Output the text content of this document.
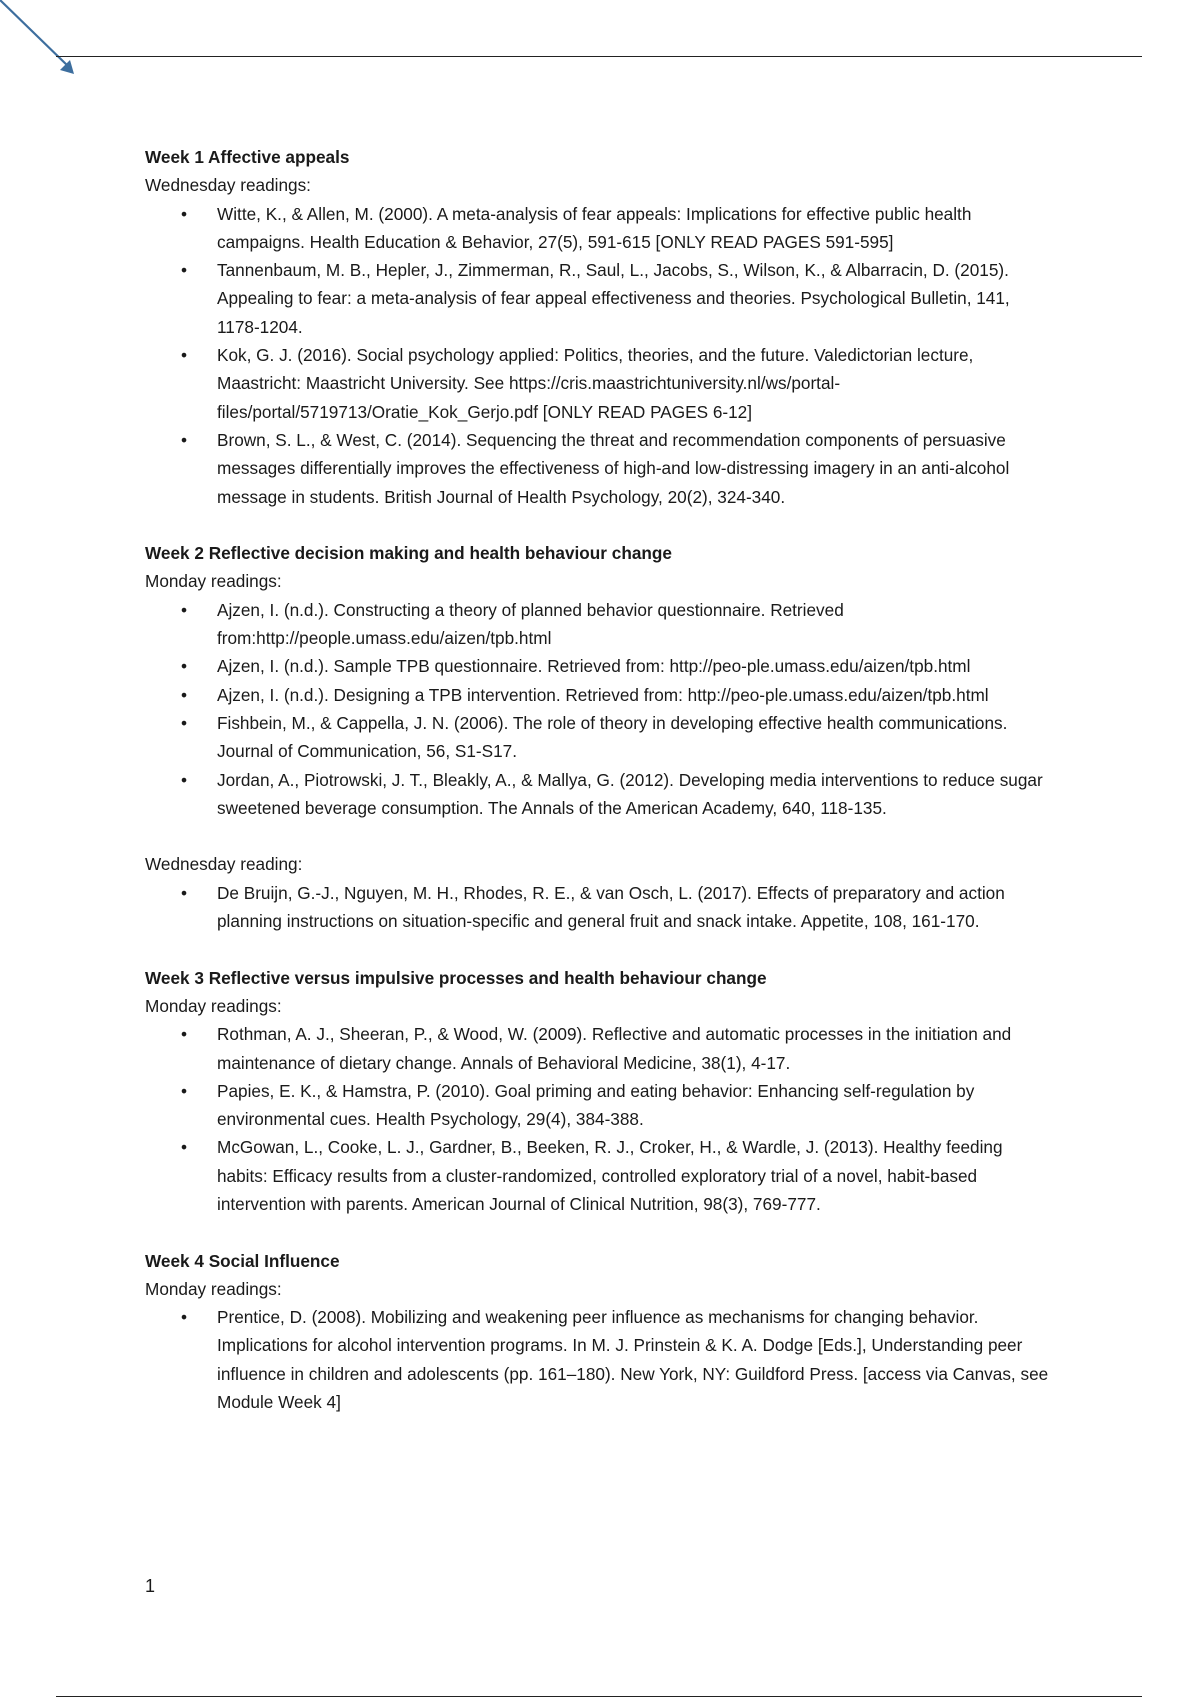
Week 1 Affective appeals

Wednesday readings:

• Witte, K., & Allen, M. (2000). A meta-analysis of fear appeals: Implications for effective public health campaigns. Health Education & Behavior, 27(5), 591-615 [ONLY READ PAGES 591-595]
• Tannenbaum, M. B., Hepler, J., Zimmerman, R., Saul, L., Jacobs, S., Wilson, K., & Albarracin, D. (2015). Appealing to fear: a meta-analysis of fear appeal effectiveness and theories. Psychological Bulletin, 141, 1178-1204.
• Kok, G. J. (2016). Social psychology applied: Politics, theories, and the future. Valedictorian lecture, Maastricht: Maastricht University. See https://cris.maastrichtuniversity.nl/ws/portal-files/portal/5719713/Oratie_Kok_Gerjo.pdf [ONLY READ PAGES 6-12]
• Brown, S. L., & West, C. (2014). Sequencing the threat and recommendation components of persuasive messages differentially improves the effectiveness of high-and low-distressing imagery in an anti-alcohol message in students. British Journal of Health Psychology, 20(2), 324-340.

Week 2 Reflective decision making and health behaviour change

Monday readings:

• Ajzen, I. (n.d.). Constructing a theory of planned behavior questionnaire. Retrieved from:http://people.umass.edu/aizen/tpb.html
• Ajzen, I. (n.d.). Sample TPB questionnaire. Retrieved from: http://peo-ple.umass.edu/aizen/tpb.html
• Ajzen, I. (n.d.). Designing a TPB intervention. Retrieved from: http://peo-ple.umass.edu/aizen/tpb.html
• Fishbein, M., & Cappella, J. N. (2006). The role of theory in developing effective health communications. Journal of Communication, 56, S1-S17.
• Jordan, A., Piotrowski, J. T., Bleakly, A., & Mallya, G. (2012). Developing media interventions to reduce sugar sweetened beverage consumption. The Annals of the American Academy, 640, 118-135.

Wednesday reading:

• De Bruijn, G.-J., Nguyen, M. H., Rhodes, R. E., & van Osch, L. (2017). Effects of preparatory and action planning instructions on situation-specific and general fruit and snack intake. Appetite, 108, 161-170.

Week 3 Reflective versus impulsive processes and health behaviour change

Monday readings:

• Rothman, A. J., Sheeran, P., & Wood, W. (2009). Reflective and automatic processes in the initiation and maintenance of dietary change. Annals of Behavioral Medicine, 38(1), 4-17.
• Papies, E. K., & Hamstra, P. (2010). Goal priming and eating behavior: Enhancing self-regulation by environmental cues. Health Psychology, 29(4), 384-388.
• McGowan, L., Cooke, L. J., Gardner, B., Beeken, R. J., Croker, H., & Wardle, J. (2013). Healthy feeding habits: Efficacy results from a cluster-randomized, controlled exploratory trial of a novel, habit-based intervention with parents. American Journal of Clinical Nutrition, 98(3), 769-777.

Week 4 Social Influence

Monday readings:

• Prentice, D. (2008). Mobilizing and weakening peer influence as mechanisms for changing behavior. Implications for alcohol intervention programs. In M. J. Prinstein & K. A. Dodge [Eds.], Understanding peer influence in children and adolescents (pp. 161–180). New York, NY: Guildford Press. [access via Canvas, see Module Week 4]
1
